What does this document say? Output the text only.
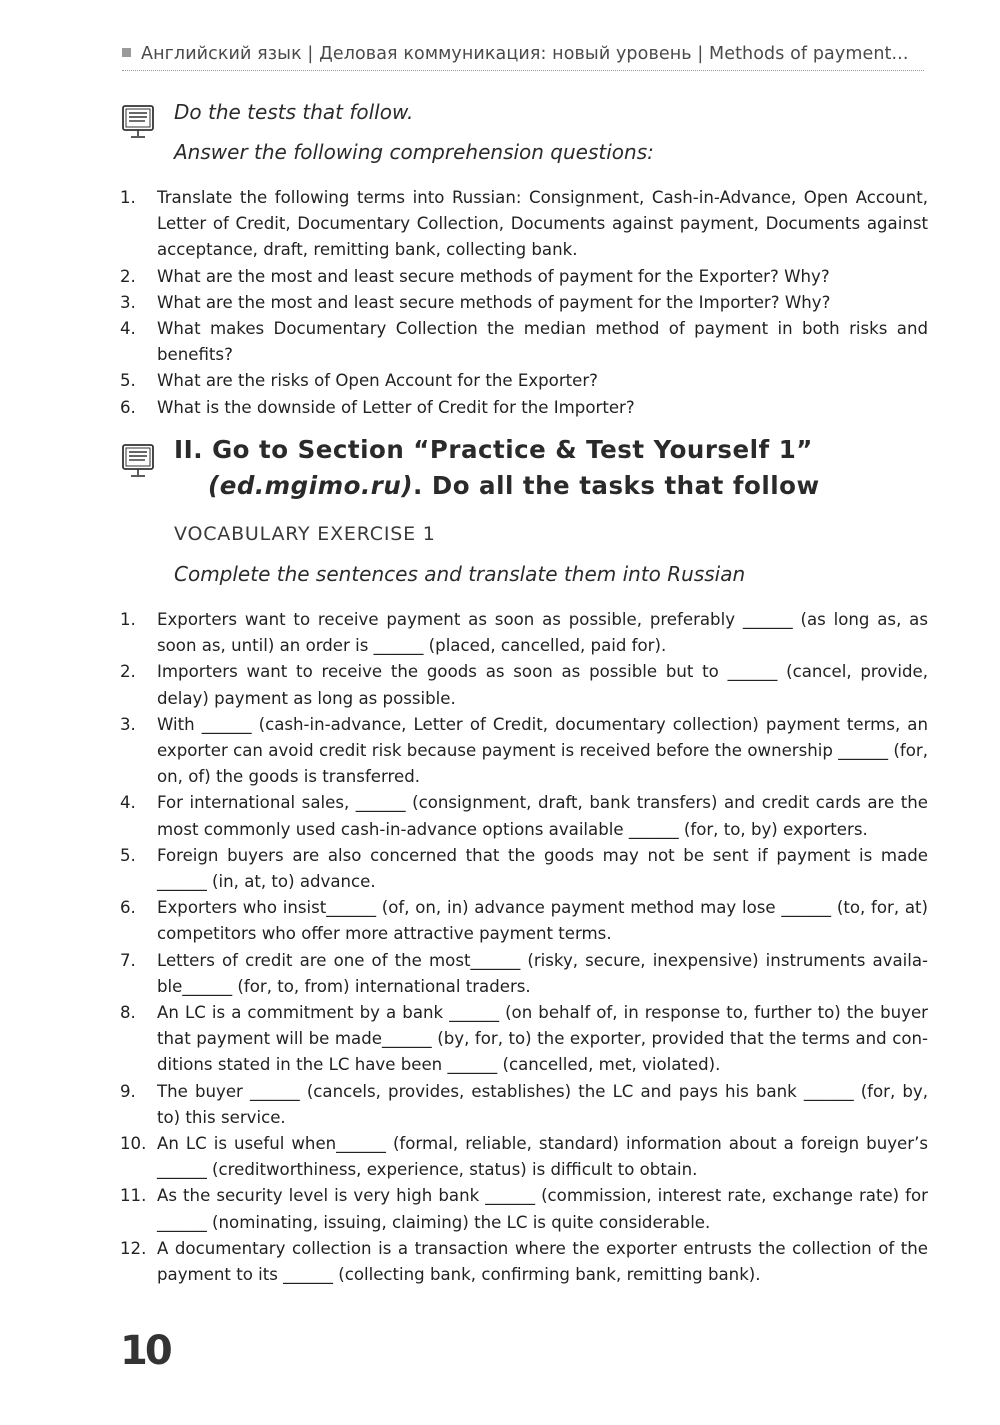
Английский язык | Деловая коммуникация: новый уровень | Methods of payment...
Do the tests that follow.
Answer the following comprehension questions:
1.	Translate the following terms into Russian: Consignment, Cash-in-Advance, Open Account, Letter of Credit, Documentary Collection, Documents against payment, Documents against acceptance, draft, remitting bank, collecting bank.
2.	What are the most and least secure methods of payment for the Exporter? Why?
3.	What are the most and least secure methods of payment for the Importer? Why?
4.	What makes Documentary Collection the median method of payment in both risks and benefits?
5.	What are the risks of Open Account for the Exporter?
6.	What is the downside of Letter of Credit for the Importer?
II. Go to Section “Practice & Test Yourself 1”
(ed.mgimo.ru). Do all the tasks that follow
VOCABULARY EXERCISE 1
Complete the sentences and translate them into Russian
1.	Exporters want to receive payment as soon as possible, preferably ______ (as long as, as soon as, until) an order is ______ (placed, cancelled, paid for).
2.	Importers want to receive the goods as soon as possible but to ______ (cancel, provide, delay) payment as long as possible.
3.	With ______ (cash-in-advance, Letter of Credit, documentary collection) payment terms, an exporter can avoid credit risk because payment is received before the ownership ______ (for, on, of) the goods is transferred.
4.	For international sales, ______ (consignment, draft, bank transfers) and credit cards are the most commonly used cash-in-advance options available ______ (for, to, by) exporters.
5.	Foreign buyers are also concerned that the goods may not be sent if payment is made ______ (in, at, to) advance.
6.	Exporters who insist______ (of, on, in) advance payment method may lose ______ (to, for, at) competitors who offer more attractive payment terms.
7.	Letters of credit are one of the most______ (risky, secure, inexpensive) instruments availa-ble______ (for, to, from) international traders.
8.	An LC is a commitment by a bank ______ (on behalf of, in response to, further to) the buyer that payment will be made______ (by, for, to) the exporter, provided that the terms and con-ditions stated in the LC have been ______ (cancelled, met, violated).
9.	The buyer ______ (cancels, provides, establishes) the LC and pays his bank ______ (for, by, to) this service.
10. An LC is useful when______ (formal, reliable, standard) information about a foreign buyer’s ______ (creditworthiness, experience, status) is difficult to obtain.
11. As the security level is very high bank ______ (commission, interest rate, exchange rate) for ______ (nominating, issuing, claiming) the LC is quite considerable.
12. A documentary collection is a transaction where the exporter entrusts the collection of the payment to its ______ (collecting bank, confirming bank, remitting bank).
10
